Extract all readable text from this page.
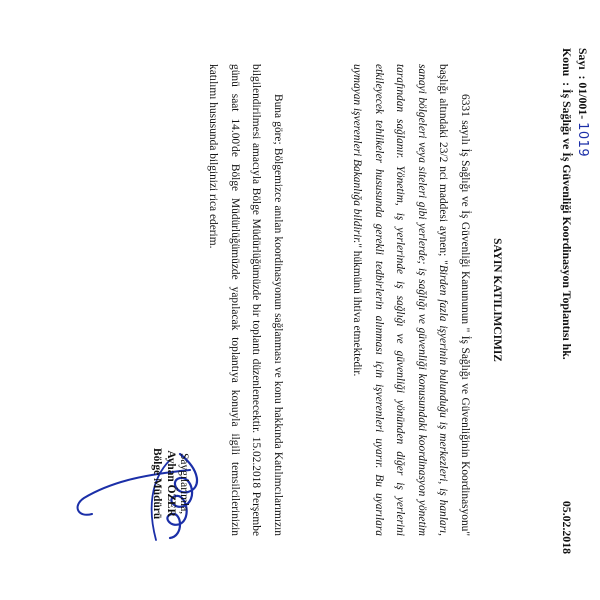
Sayı  : 01/001- 1019
Konu  : İş Sağlığı ve İş Güvenliği Koordinasyon Toplantısı hk.
05.02.2018
SAYIN KATILIMCIMIZ

6331 sayılı İş Sağlığı ve İş Güvenliği Kanununun " İş Sağlığı ve Güvenliğinin Koordinasyonu" başlığı altındaki 23/2 nci maddesi aynen; "Birden fazla işyerinin bulunduğu iş merkezleri, iş hanları, sanayi bölgeleri veya siteleri gibi yerlerde; iş sağlığı ve güvenliği konusundaki koordinasyon yönetim tarafından sağlanır. Yönetim, iş yerlerinde iş sağlığı ve güvenliği yönünden diğer iş yerlerini etkileyecek tehlikeler hususunda gerekli tedbirlerin alınması için işverenleri uyarır. Bu uyarılara uymayan işverenleri Bakanlığa bildirir." hükmünü ihtiva etmektedir.

Buna göre; Bölgemizce anılan koordinasyonun sağlanması ve konu hakkında Katılımcılarımızın bilgilendirilmesi amacıyla Bölge Müdürlüğümüzde bir toplantı düzenlenecektir. 15.02.2018 Perşembe günü saat 14.00'de Bölge Müdürlüğümüzde yapılacak toplantıya konuyla ilgili temsilcilerinizin katılımı hususunda bilginizi rica ederim.

Saygılarımla,
Ayhan ÖZER
Bölge Müdürü
